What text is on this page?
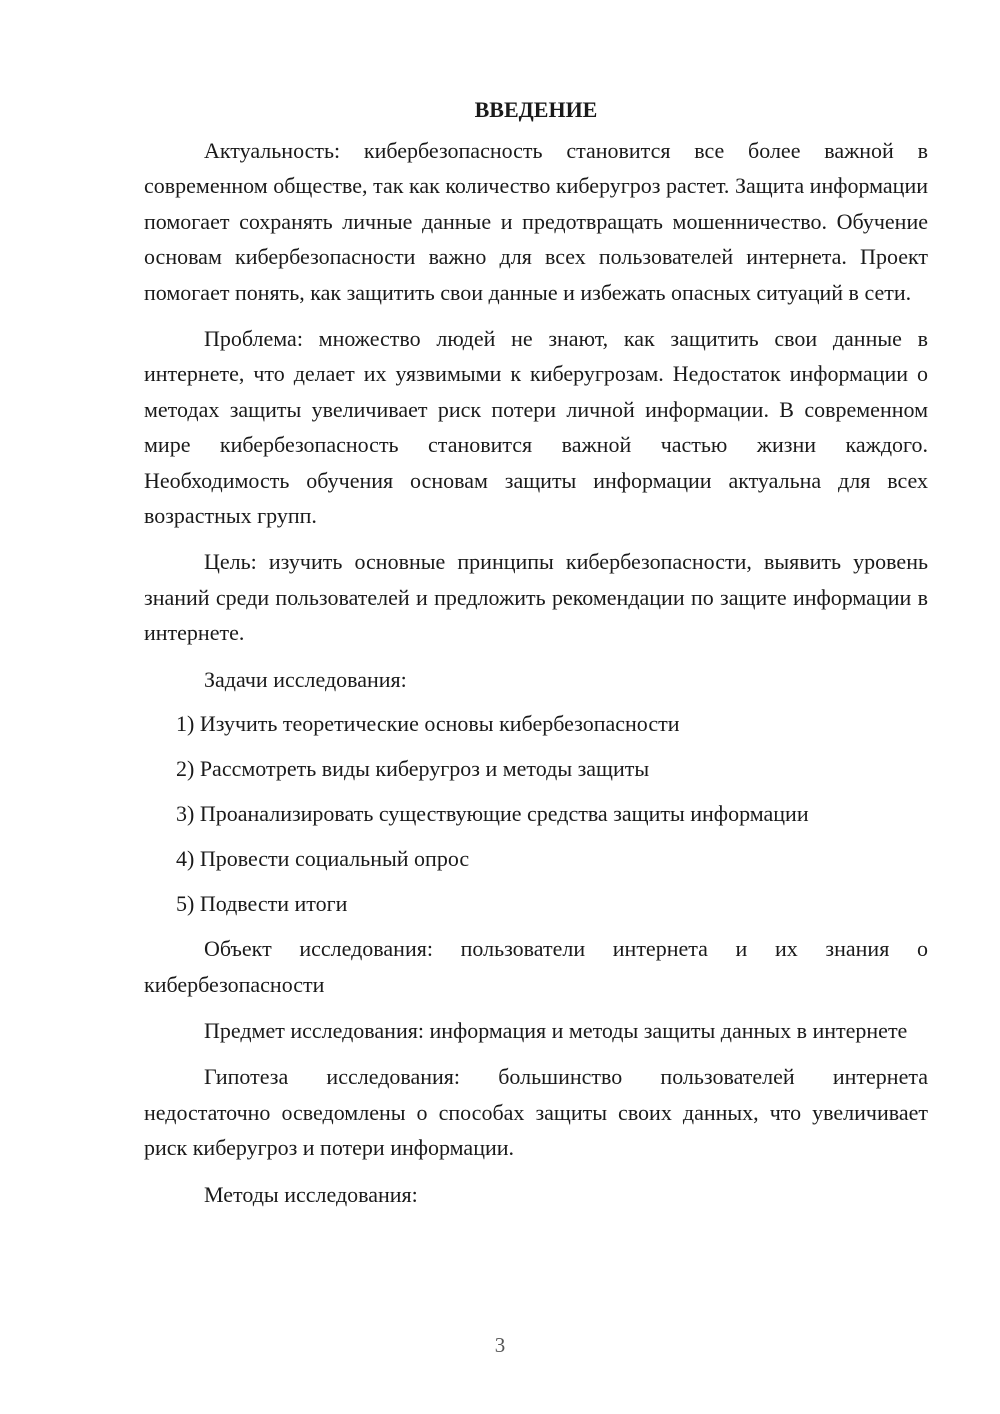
ВВЕДЕНИЕ

Актуальность: кибербезопасность становится все более важной в современном обществе, так как количество киберугроз растет. Защита информации помогает сохранять личные данные и предотвращать мошенничество. Обучение основам кибербезопасности важно для всех пользователей интернета. Проект помогает понять, как защитить свои данные и избежать опасных ситуаций в сети.

Проблема: множество людей не знают, как защитить свои данные в интернете, что делает их уязвимыми к киберугрозам. Недостаток информации о методах защиты увеличивает риск потери личной информации. В современном мире кибербезопасность становится важной частью жизни каждого. Необходимость обучения основам защиты информации актуальна для всех возрастных групп.

Цель: изучить основные принципы кибербезопасности, выявить уровень знаний среди пользователей и предложить рекомендации по защите информации в интернете.

Задачи исследования:

1) Изучить теоретические основы кибербезопасности
2) Рассмотреть виды киберугроз и методы защиты
3) Проанализировать существующие средства защиты информации
4) Провести социальный опрос
5) Подвести итоги

Объект исследования: пользователи интернета и их знания о кибербезопасности

Предмет исследования: информация и методы защиты данных в интернете

Гипотеза исследования: большинство пользователей интернета недостаточно осведомлены о способах защиты своих данных, что увеличивает риск киберугроз и потери информации.

Методы исследования:

3
